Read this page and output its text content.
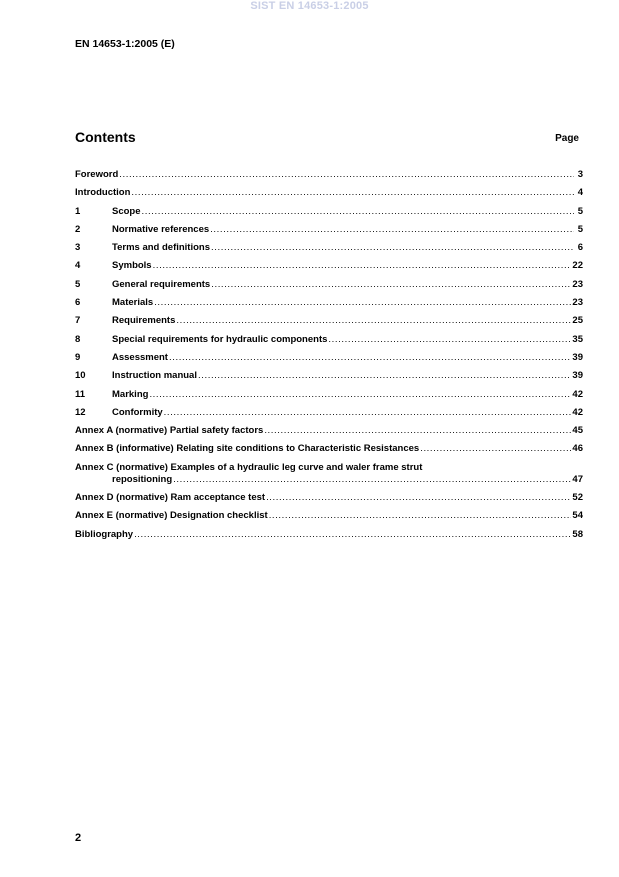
SIST EN 14653-1:2005
EN 14653-1:2005 (E)
Contents	Page
Foreword .....	3
Introduction .....	4
1	Scope .....	5
2	Normative references .....	5
3	Terms and definitions .....	6
4	Symbols .....	22
5	General requirements .....	23
6	Materials .....	23
7	Requirements .....	25
8	Special requirements for hydraulic components .....	35
9	Assessment .....	39
10	Instruction manual .....	39
11	Marking .....	42
12	Conformity .....	42
Annex A (normative) Partial safety factors .....	45
Annex B (informative) Relating site conditions to Characteristic Resistances .....	46
Annex C (normative) Examples of a hydraulic leg curve and waler frame strut
repositioning .....	47
Annex D (normative) Ram acceptance test .....	52
Annex E (normative) Designation checklist .....	54
Bibliography .....	58
2
